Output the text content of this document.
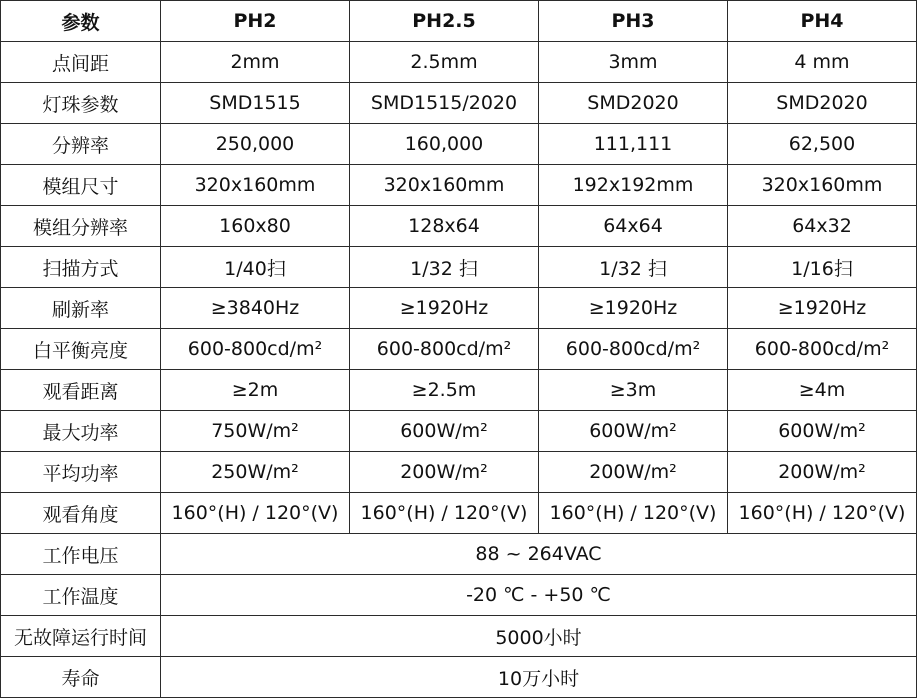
参数	PH2	PH2.5	PH3	PH4
点间距	2mm	2.5mm	3mm	4 mm
灯珠参数	SMD1515	SMD1515/2020	SMD2020	SMD2020
分辨率	250,000	160,000	111,111	62,500
模组尺寸	320x160mm	320x160mm	192x192mm	320x160mm
模组分辨率	160x80	128x64	64x64	64x32
扫描方式	1/40扫	1/32 扫	1/32 扫	1/16扫
刷新率	≥3840Hz	≥1920Hz	≥1920Hz	≥1920Hz
白平衡亮度	600-800cd/m²	600-800cd/m²	600-800cd/m²	600-800cd/m²
观看距离	≥2m	≥2.5m	≥3m	≥4m
最大功率	750W/m²	600W/m²	600W/m²	600W/m²
平均功率	250W/m²	200W/m²	200W/m²	200W/m²
观看角度	160°(H) / 120°(V)	160°(H) / 120°(V)	160°(H) / 120°(V)	160°(H) / 120°(V)
工作电压	88 ~ 264VAC			
工作温度	-20 ℃ - +50 ℃			
无故障运行时间	5000小时			
寿命	10万小时			
